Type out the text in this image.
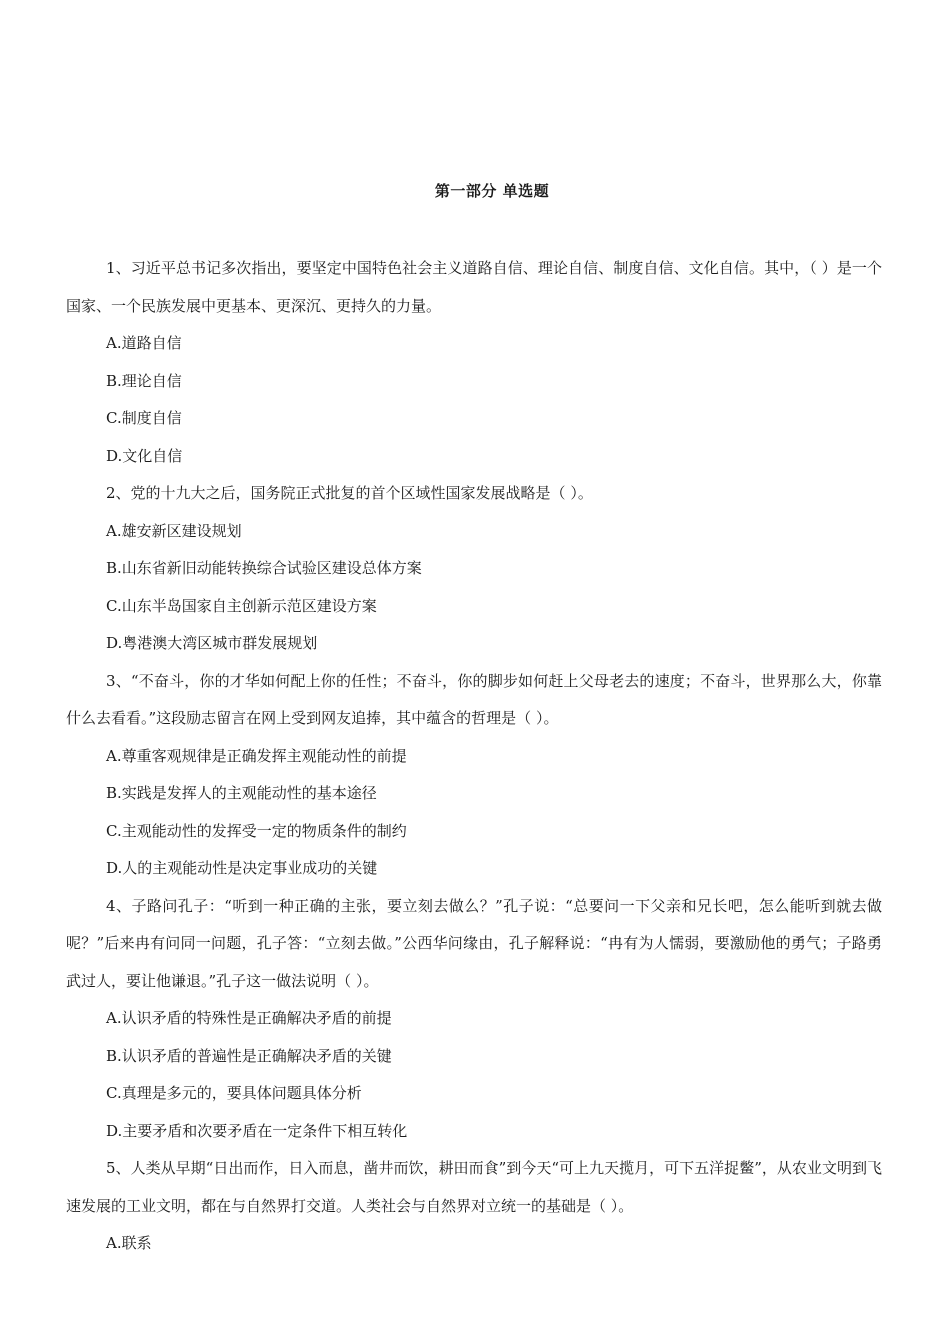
第一部分 单选题

1、习近平总书记多次指出，要坚定中国特色社会主义道路自信、理论自信、制度自信、文化自信。其中，（ ）是一个国家、一个民族发展中更基本、更深沉、更持久的力量。

A.道路自信

B.理论自信

C.制度自信

D.文化自信

2、党的十九大之后，国务院正式批复的首个区域性国家发展战略是（ ）。

A.雄安新区建设规划

B.山东省新旧动能转换综合试验区建设总体方案

C.山东半岛国家自主创新示范区建设方案

D.粤港澳大湾区城市群发展规划

3、“不奋斗，你的才华如何配上你的任性；不奋斗，你的脚步如何赶上父母老去的速度；不奋斗，世界那么大，你靠什么去看看。”这段励志留言在网上受到网友追捧，其中蕴含的哲理是（ ）。

A.尊重客观规律是正确发挥主观能动性的前提

B.实践是发挥人的主观能动性的基本途径

C.主观能动性的发挥受一定的物质条件的制约

D.人的主观能动性是决定事业成功的关键

4、子路问孔子：“听到一种正确的主张，要立刻去做么？”孔子说：“总要问一下父亲和兄长吧，怎么能听到就去做呢？”后来冉有问同一问题，孔子答：“立刻去做。”公西华问缘由，孔子解释说：“冉有为人懦弱，要激励他的勇气；子路勇武过人，要让他谦退。”孔子这一做法说明（ ）。

A.认识矛盾的特殊性是正确解决矛盾的前提

B.认识矛盾的普遍性是正确解决矛盾的关键

C.真理是多元的，要具体问题具体分析

D.主要矛盾和次要矛盾在一定条件下相互转化

5、人类从早期“日出而作，日入而息，凿井而饮，耕田而食”到今天“可上九天揽月，可下五洋捉鳖”，从农业文明到飞速发展的工业文明，都在与自然界打交道。人类社会与自然界对立统一的基础是（ ）。

A.联系
